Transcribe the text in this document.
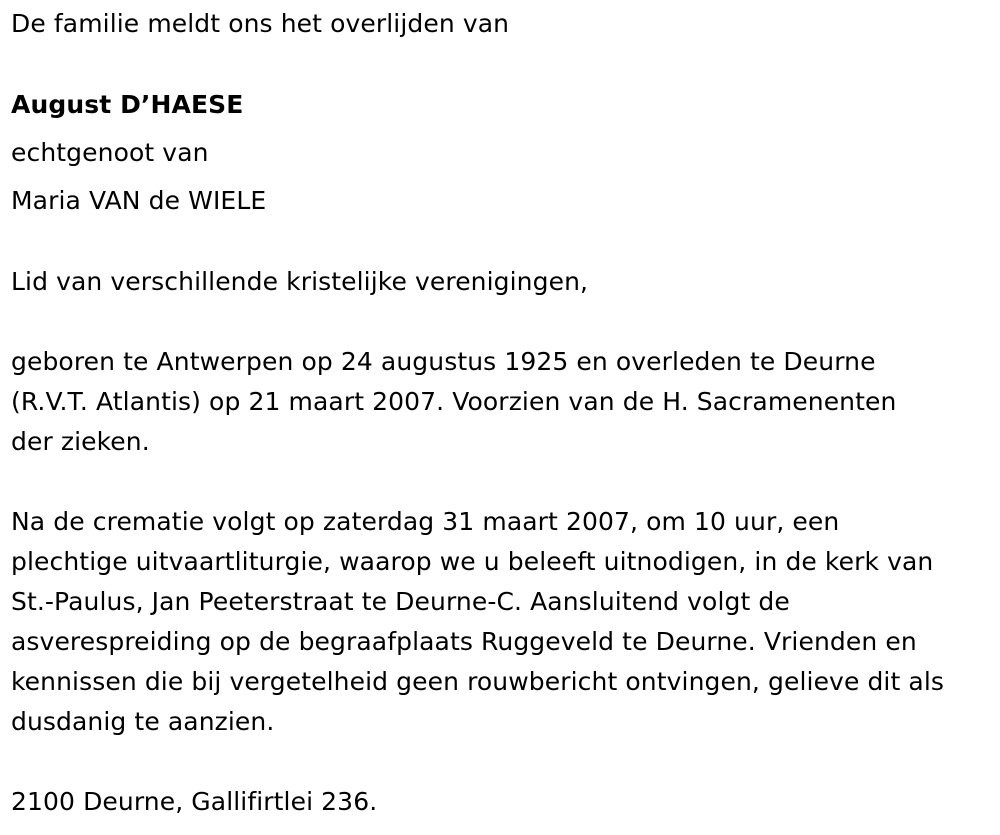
De familie meldt ons het overlijden van
August D’HAESE
echtgenoot van
Maria VAN de WIELE
Lid van verschillende kristelijke verenigingen,
geboren te Antwerpen op 24 augustus 1925 en overleden te Deurne
(R.V.T. Atlantis) op 21 maart 2007. Voorzien van de H. Sacramenenten
der zieken.
Na de crematie volgt op zaterdag 31 maart 2007, om 10 uur, een
plechtige uitvaartliturgie, waarop we u beleeft uitnodigen, in de kerk van
St.-Paulus, Jan Peeterstraat te Deurne-C. Aansluitend volgt de
asverespreiding op de begraafplaats Ruggeveld te Deurne. Vrienden en
kennissen die bij vergetelheid geen rouwbericht ontvingen, gelieve dit als
dusdanig te aanzien.
2100 Deurne, Gallifirtlei 236.
